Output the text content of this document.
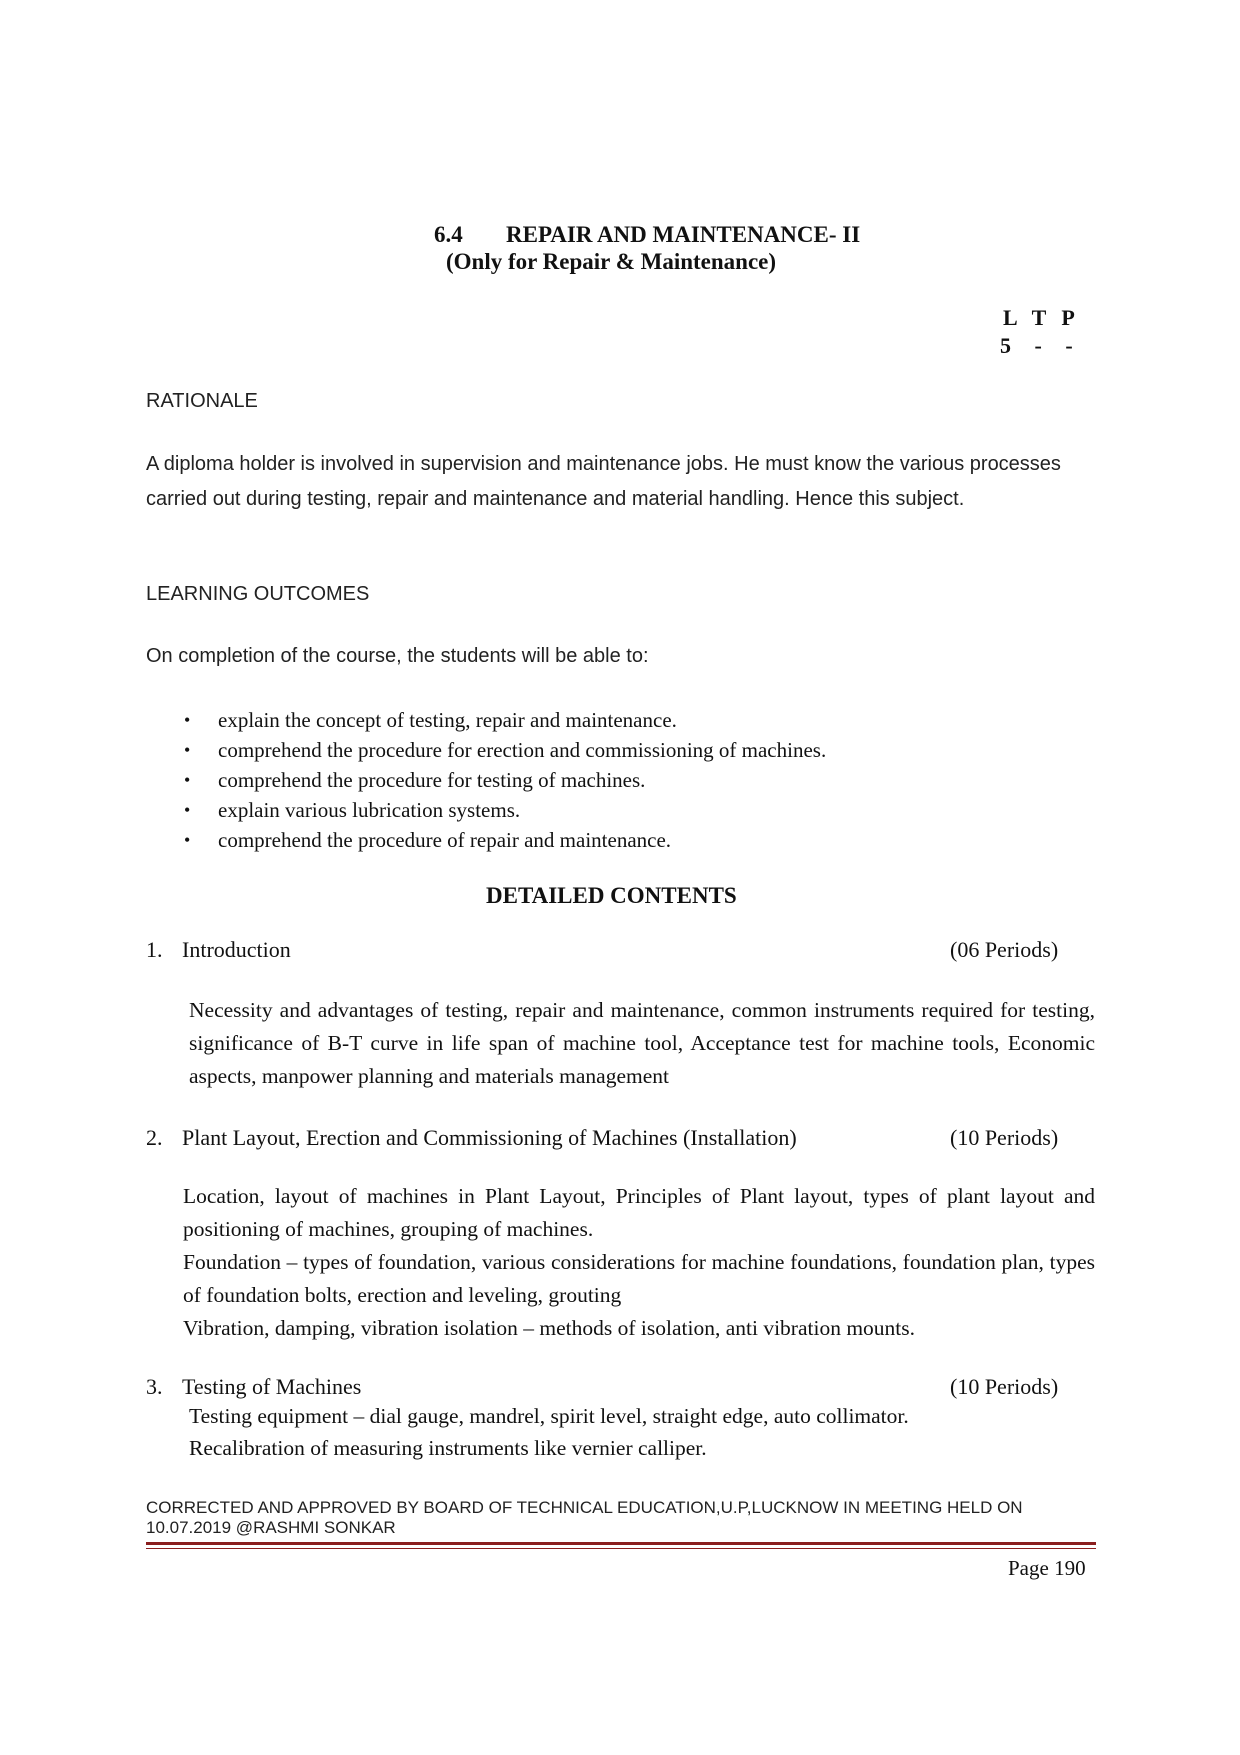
6.4 REPAIR AND MAINTENANCE- II
(Only for Repair & Maintenance)
L T P
5 - -
RATIONALE
A diploma holder is involved in supervision and maintenance jobs. He must know the various processes carried out during testing, repair and maintenance and material handling. Hence this subject.
LEARNING OUTCOMES
On completion of the course, the students will be able to:
• explain the concept of testing, repair and maintenance.
• comprehend the procedure for erection and commissioning of machines.
• comprehend the procedure for testing of machines.
• explain various lubrication systems.
• comprehend the procedure of repair and maintenance.
DETAILED CONTENTS
1. Introduction	(06 Periods)

Necessity and advantages of testing, repair and maintenance, common instruments required for testing, significance of B-T curve in life span of machine tool, Acceptance test for machine tools, Economic aspects, manpower planning and materials management

2. Plant Layout, Erection and Commissioning of Machines (Installation)	(10 Periods)

Location, layout of machines in Plant Layout, Principles of Plant layout, types of plant layout and positioning of machines, grouping of machines.

Foundation – types of foundation, various considerations for machine foundations, foundation plan, types of foundation bolts, erection and leveling, grouting

Vibration, damping, vibration isolation – methods of isolation, anti vibration mounts.

3. Testing of Machines	(10 Periods)

Testing equipment – dial gauge, mandrel, spirit level, straight edge, auto collimator.

Recalibration of measuring instruments like vernier calliper.

CORRECTED AND APPROVED BY BOARD OF TECHNICAL EDUCATION,U.P,LUCKNOW IN MEETING HELD ON 10.07.2019 @RASHMI SONKAR
Page 190
